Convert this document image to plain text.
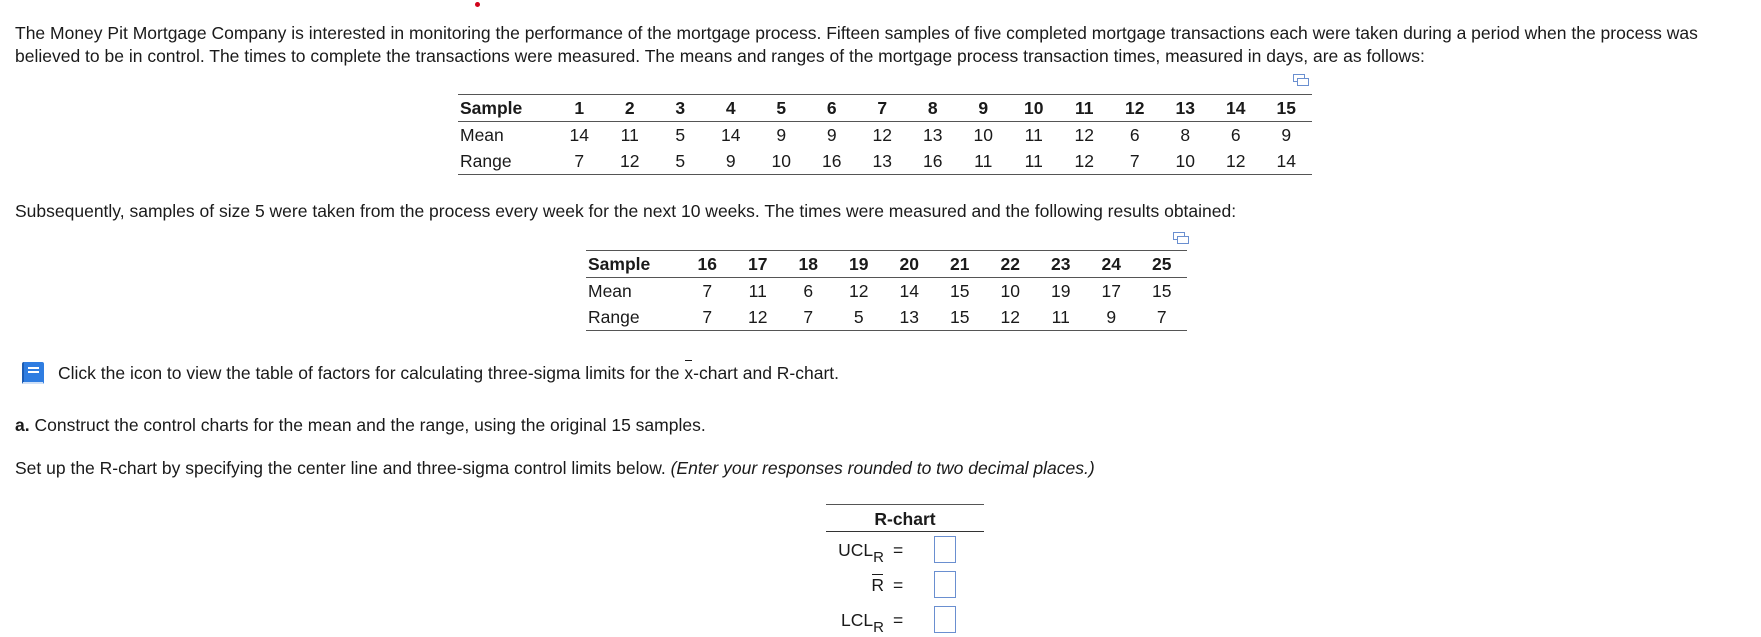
The Money Pit Mortgage Company is interested in monitoring the performance of the mortgage process. Fifteen samples of five completed mortgage transactions each were taken during a period when the process was believed to be in control. The times to complete the transactions were measured. The means and ranges of the mortgage process transaction times, measured in days, are as follows:

Sample	1	2	3	4	5	6	7	8	9	10	11	12	13	14	15
Mean	14	11	5	14	9	9	12	13	10	11	12	6	8	6	9
Range	7	12	5	9	10	16	13	16	11	11	12	7	10	12	14

Subsequently, samples of size 5 were taken from the process every week for the next 10 weeks. The times were measured and the following results obtained:

Sample	16	17	18	19	20	21	22	23	24	25
Mean	7	11	6	12	14	15	10	19	17	15
Range	7	12	7	5	13	15	12	11	9	7

Click the icon to view the table of factors for calculating three-sigma limits for the x-chart and R-chart.

a. Construct the control charts for the mean and the range, using the original 15 samples.

Set up the R-chart by specifying the center line and three-sigma control limits below. (Enter your responses rounded to two decimal places.)

R-chart
$UCL_R$ =
R =
$LCL_R$ =
